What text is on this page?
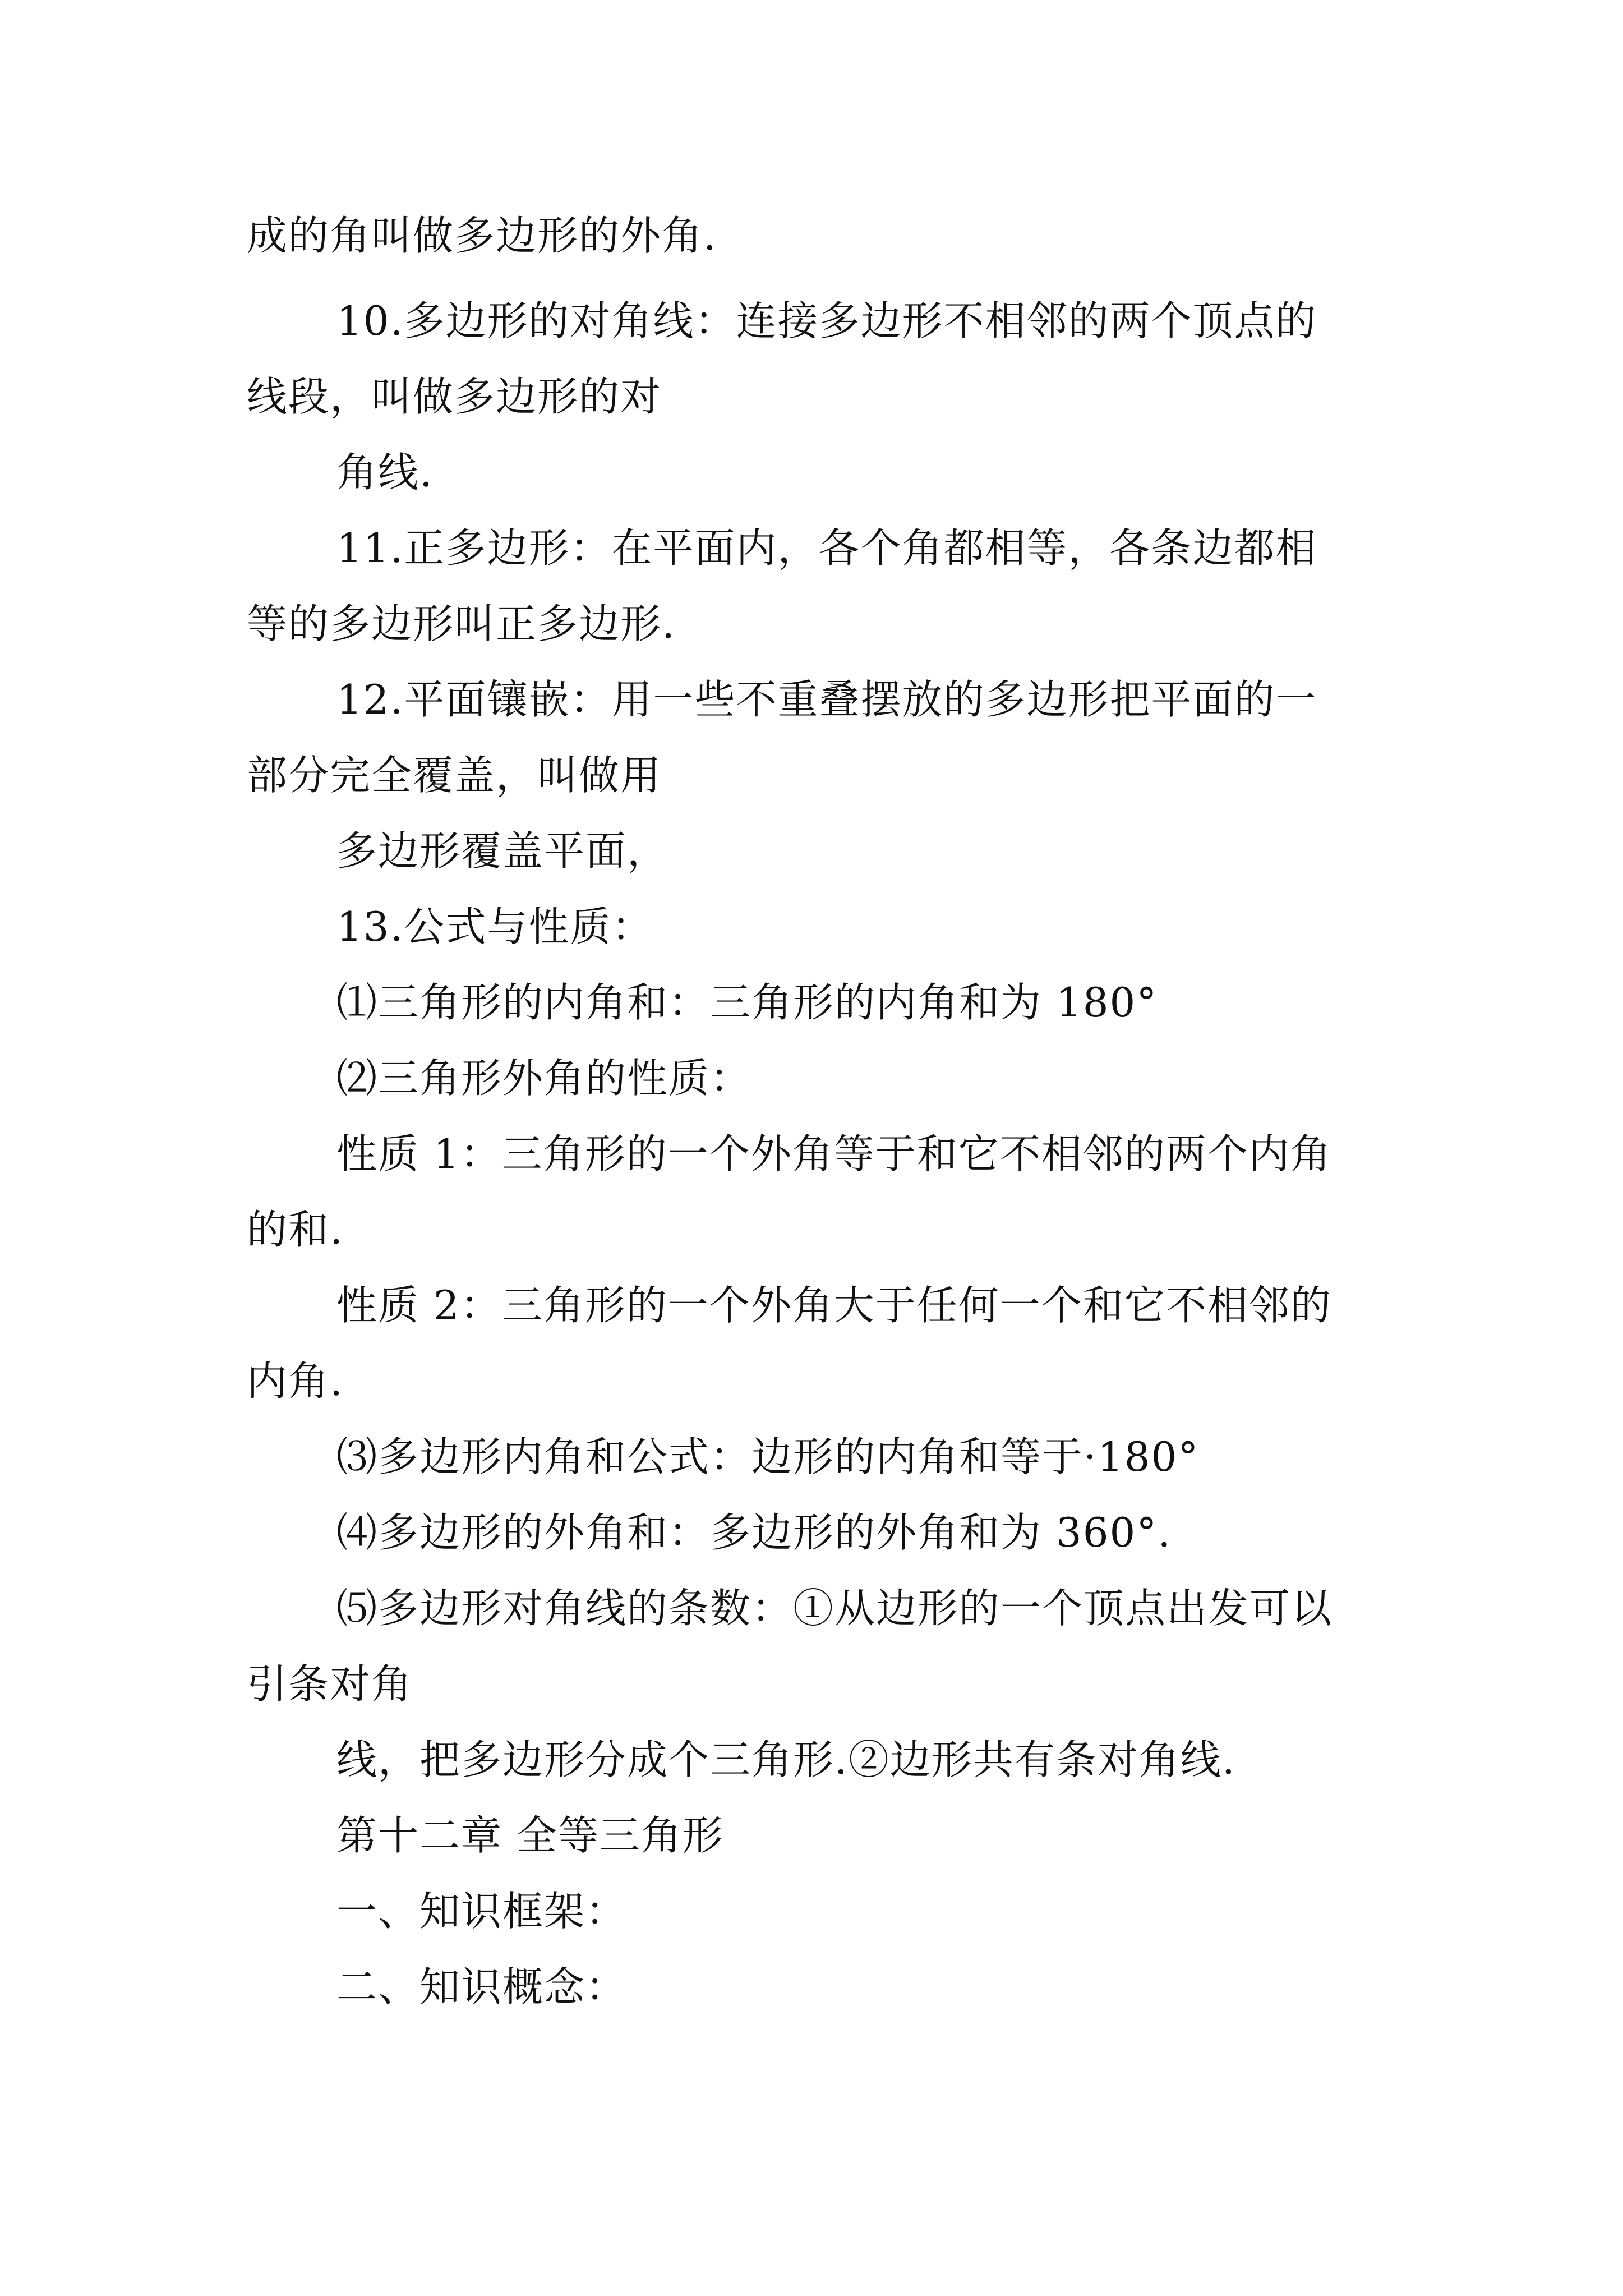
成的角叫做多边形的外角.

10.多边形的对角线：连接多边形不相邻的两个顶点的

线段，叫做多边形的对

角线.

11.正多边形：在平面内，各个角都相等，各条边都相

等的多边形叫正多边形.

12.平面镶嵌：用一些不重叠摆放的多边形把平面的一

部分完全覆盖，叫做用

多边形覆盖平面，

13.公式与性质：

⑴三角形的内角和：三角形的内角和为 180°

⑵三角形外角的性质：

性质 1：三角形的一个外角等于和它不相邻的两个内角

的和.

性质 2：三角形的一个外角大于任何一个和它不相邻的

内角.

⑶多边形内角和公式：边形的内角和等于·180°

⑷多边形的外角和：多边形的外角和为 360°.

⑸多边形对角线的条数：①从边形的一个顶点出发可以

引条对角

线，把多边形分成个三角形.②边形共有条对角线.

第十二章 全等三角形

一、知识框架：

二、知识概念：
